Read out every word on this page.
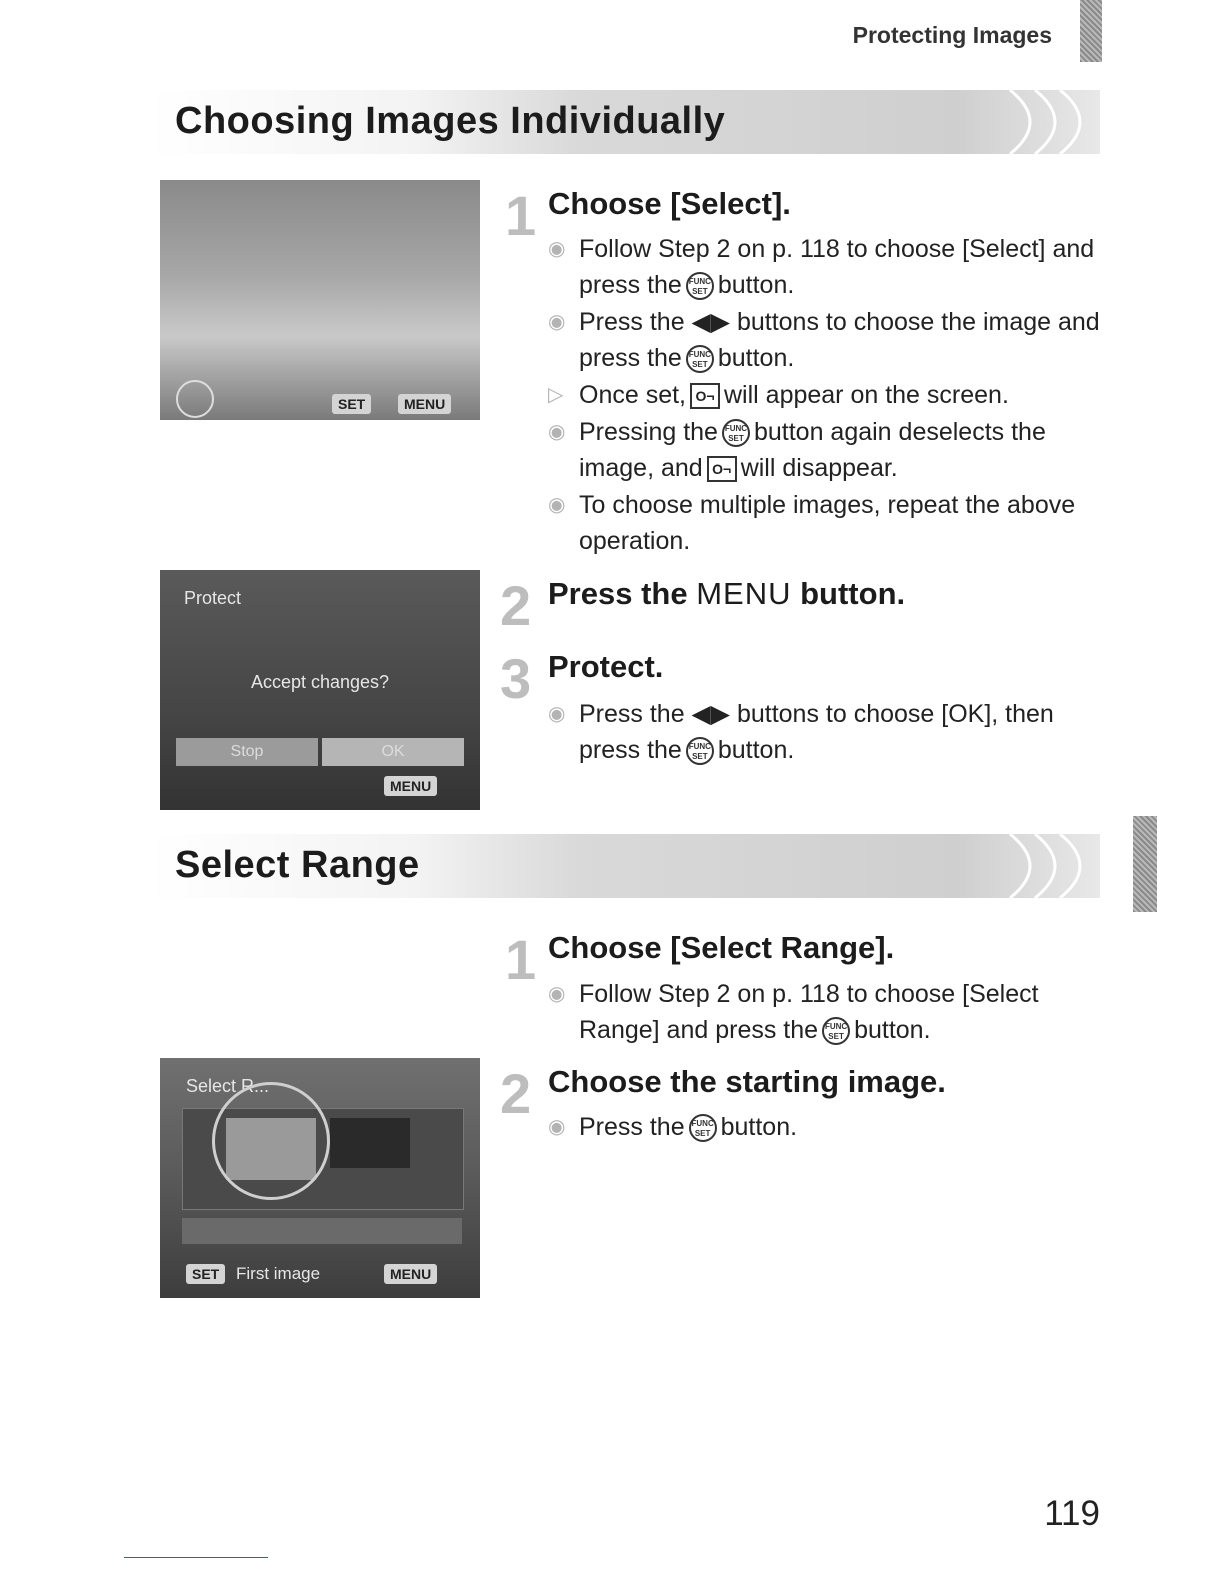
Protecting Images
Choosing Images Individually
SET	MENU
1 Choose [Select].
◉ Follow Step 2 on p. 118 to choose [Select] and press the FUNC
SET button.
◉ Press the ◀▶ buttons to choose the image and press the FUNC
SET button.
▷ Once set, O¬ will appear on the screen.
◉ Pressing the FUNC
SET button again deselects the image, and O¬ will disappear.
◉ To choose multiple images, repeat the above operation.
Protect
Accept changes?
Stop	OK
MENU
2 Press the MENU button.
3 Protect.
◉ Press the ◀▶ buttons to choose [OK], then press the FUNC
SET button.
Select Range
1 Choose [Select Range].
◉ Follow Step 2 on p. 118 to choose [Select Range] and press the FUNC
SET button.
Select R...
SET First image	MENU
2 Choose the starting image.
◉ Press the FUNC
SET button.
119
